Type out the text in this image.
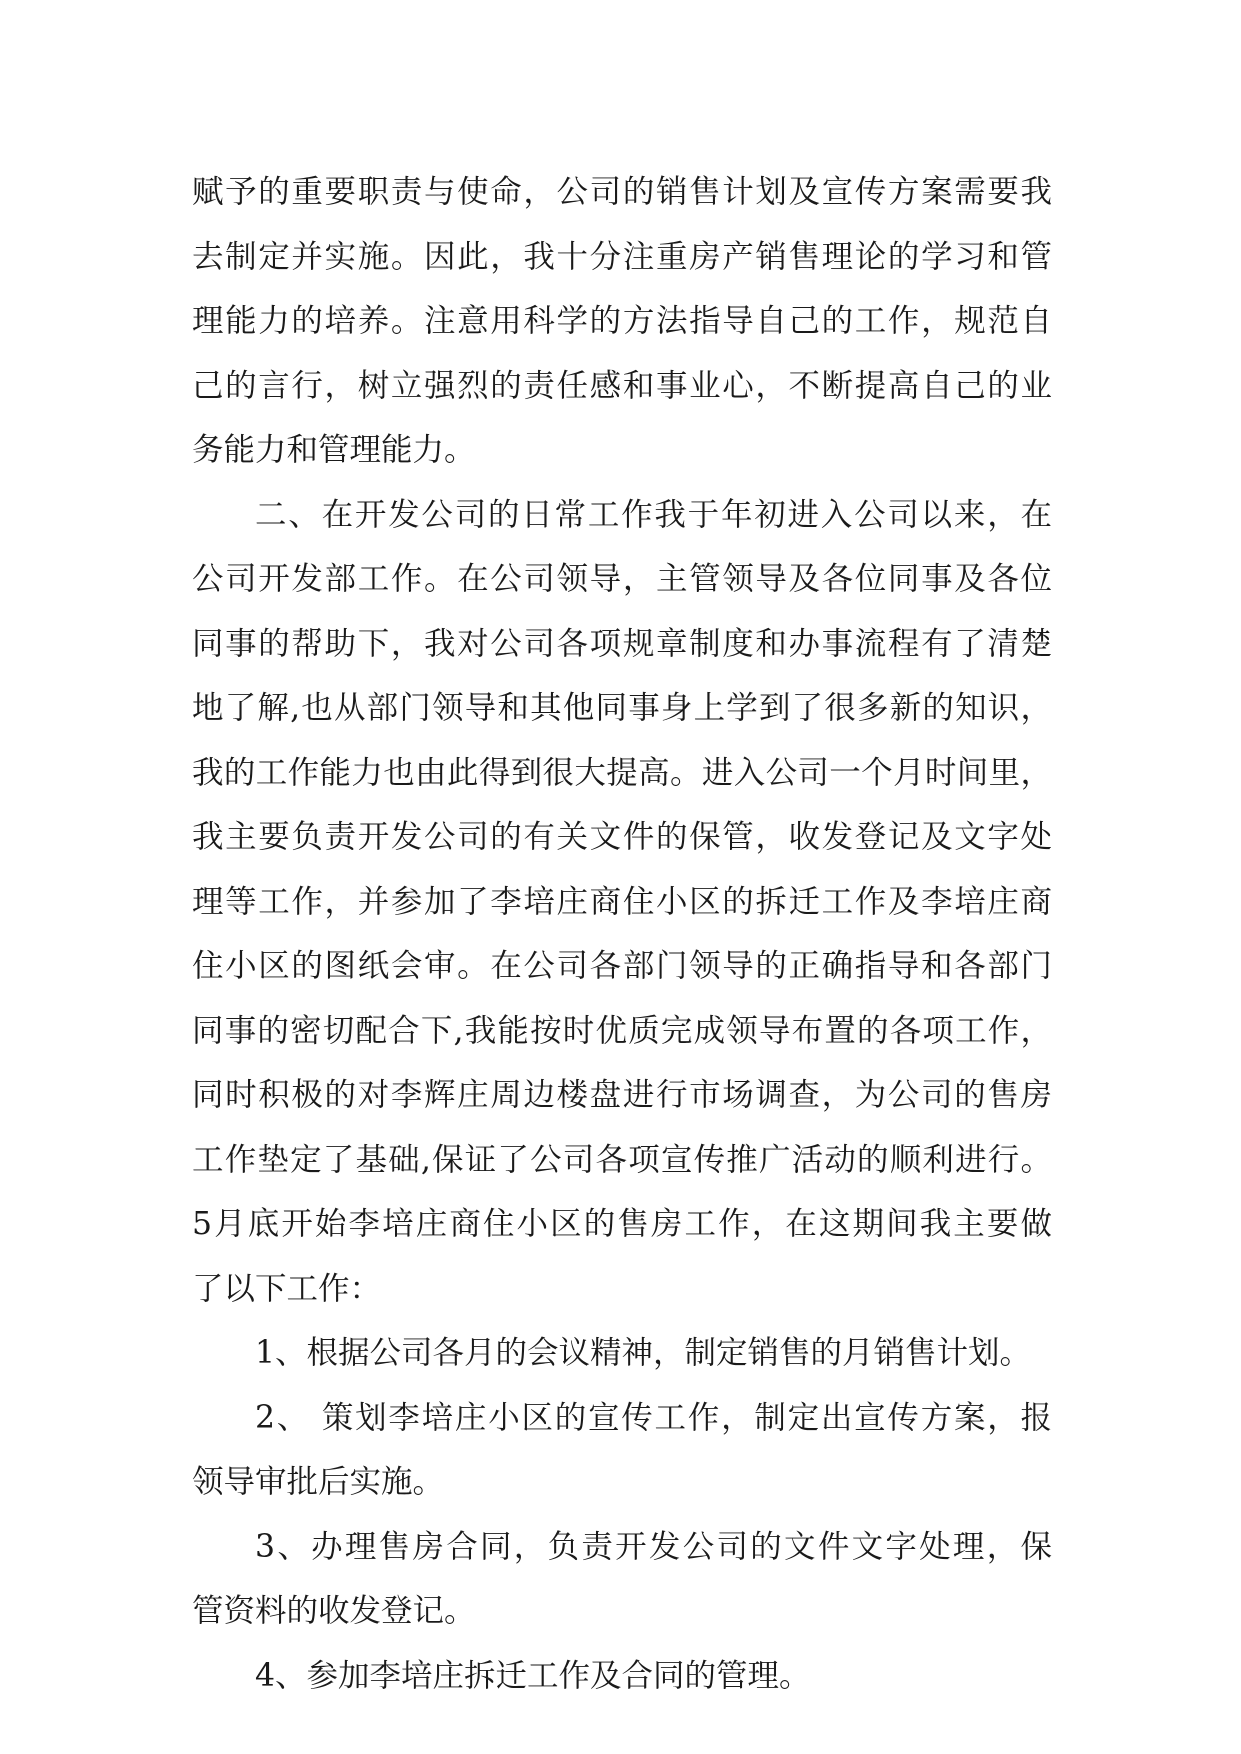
赋予的重要职责与使命，公司的销售计划及宣传方案需要我
去制定并实施。因此，我十分注重房产销售理论的学习和管
理能力的培养。注意用科学的方法指导自己的工作，规范自
己的言行，树立强烈的责任感和事业心，不断提高自己的业
务能力和管理能力。
二、在开发公司的日常工作我于年初进入公司以来，在
公司开发部工作。在公司领导，主管领导及各位同事及各位
同事的帮助下，我对公司各项规章制度和办事流程有了清楚
地了解,也从部门领导和其他同事身上学到了很多新的知识，
我的工作能力也由此得到很大提高。进入公司一个月时间里，
我主要负责开发公司的有关文件的保管，收发登记及文字处
理等工作，并参加了李培庄商住小区的拆迁工作及李培庄商
住小区的图纸会审。在公司各部门领导的正确指导和各部门
同事的密切配合下,我能按时优质完成领导布置的各项工作，
同时积极的对李辉庄周边楼盘进行市场调查，为公司的售房
工作垫定了基础,保证了公司各项宣传推广活动的顺利进行。
5月底开始李培庄商住小区的售房工作，在这期间我主要做
了以下工作：
1、根据公司各月的会议精神，制定销售的月销售计划。
2、 策划李培庄小区的宣传工作，制定出宣传方案，报
领导审批后实施。
3、办理售房合同，负责开发公司的文件文字处理，保
管资料的收发登记。
4、参加李培庄拆迁工作及合同的管理。
